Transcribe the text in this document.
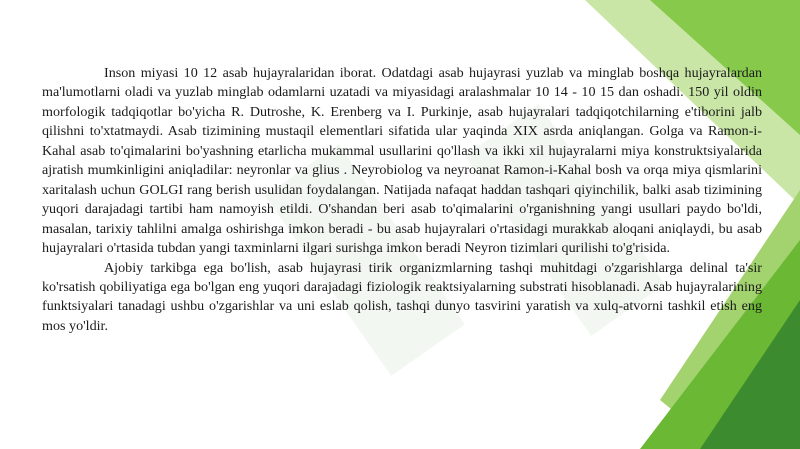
Inson miyasi 10 12 asab hujayralaridan iborat. Odatdagi asab hujayrasi yuzlab va minglab boshqa hujayralardan ma'lumotlarni oladi va yuzlab minglab odamlarni uzatadi va miyasidagi aralashmalar 10 14 - 10 15 dan oshadi. 150 yil oldin morfologik tadqiqotlar bo'yicha R. Dutroshe, K. Erenberg va I. Purkinje, asab hujayralari tadqiqotchilarning e'tiborini jalb qilishni to'xtatmaydi. Asab tizimining mustaqil elementlari sifatida ular yaqinda XIX asrda aniqlangan. Golga va Ramon-i-Kahal asab to'qimalarini bo'yashning etarlicha mukammal usullarini qo'llash va ikki xil hujayralarni miya konstruktsiyalarida ajratish mumkinligini aniqladilar: neyronlar va glius . Neyrobiolog va neyroanat Ramon-i-Kahal bosh va orqa miya qismlarini xaritalash uchun GOLGI rang berish usulidan foydalangan. Natijada nafaqat haddan tashqari qiyinchilik, balki asab tizimining yuqori darajadagi tartibi ham namoyish etildi. O'shandan beri asab to'qimalarini o'rganishning yangi usullari paydo bo'ldi, masalan, tarixiy tahlilni amalga oshirishga imkon beradi - bu asab hujayralari o'rtasidagi murakkab aloqani aniqlaydi, bu asab hujayralari o'rtasida tubdan yangi taxminlarni ilgari surishga imkon beradi Neyron tizimlari qurilishi to'g'risida.

Ajobiy tarkibga ega bo'lish, asab hujayrasi tirik organizmlarning tashqi muhitdagi o'zgarishlarga delinal ta'sir ko'rsatish qobiliyatiga ega bo'lgan eng yuqori darajadagi fiziologik reaktsiyalarning substrati hisoblanadi. Asab hujayralarining funktsiyalari tanadagi ushbu o'zgarishlar va uni eslab qolish, tashqi dunyo tasvirini yaratish va xulq-atvorni tashkil etish eng mos yo'ldir.
